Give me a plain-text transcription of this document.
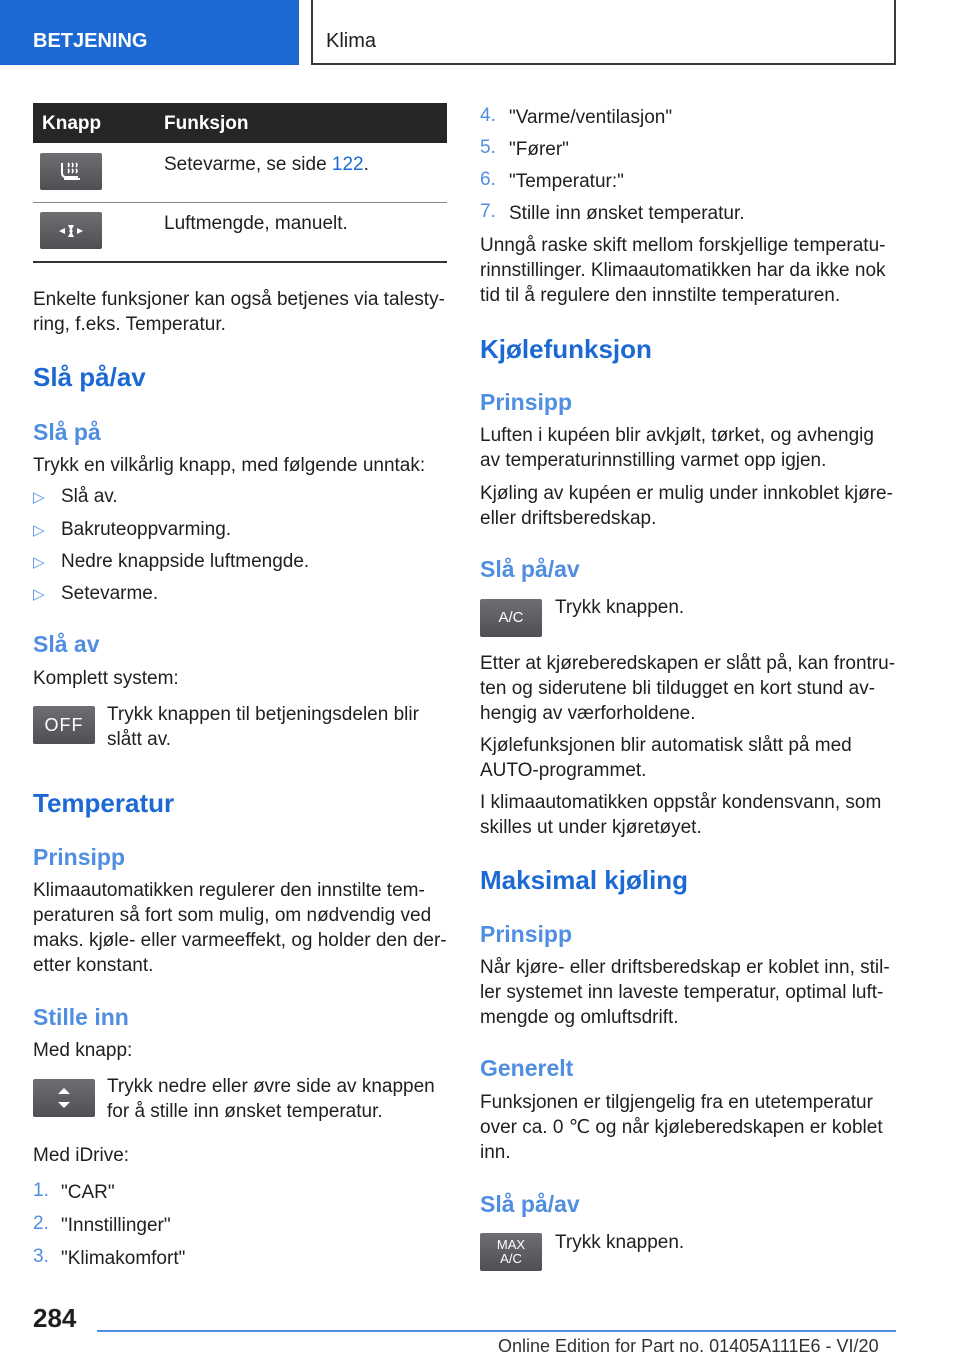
BETJENING	Klima
Knapp	Funksjon
Setevarme, se side 122.
Luftmengde, manuelt.
Enkelte funksjoner kan også betjenes via talesty-
ring, f.eks. Temperatur.
Slå på/av
Slå på
Trykk en vilkårlig knapp, med følgende unntak:
▷ Slå av.
▷ Bakruteoppvarming.
▷ Nedre knappside luftmengde.
▷ Setevarme.
Slå av
Komplett system:
OFF Trykk knappen til betjeningsdelen blir
slått av.
Temperatur
Prinsipp
Klimaautomatikken regulerer den innstilte tem-
peraturen så fort som mulig, om nødvendig ved
maks. kjøle- eller varmeeffekt, og holder den der-
etter konstant.
Stille inn
Med knapp:
Trykk nedre eller øvre side av knappen
for å stille inn ønsket temperatur.
Med iDrive:
1. "CAR"
2. "Innstillinger"
3. "Klimakomfort"
4. "Varme/ventilasjon"
5. "Fører"
6. "Temperatur:"
7. Stille inn ønsket temperatur.
Unngå raske skift mellom forskjellige temperatu-
rinnstillinger. Klimaautomatikken har da ikke nok
tid til å regulere den innstilte temperaturen.
Kjølefunksjon
Prinsipp
Luften i kupéen blir avkjølt, tørket, og avhengig
av temperaturinnstilling varmet opp igjen.
Kjøling av kupéen er mulig under innkoblet kjøre-
eller driftsberedskap.
Slå på/av
A/C Trykk knappen.
Etter at kjøreberedskapen er slått på, kan frontru-
ten og siderutene bli tildugget en kort stund av-
hengig av værforholdene.
Kjølefunksjonen blir automatisk slått på med
AUTO-programmet.
I klimaautomatikken oppstår kondensvann, som
skilles ut under kjøretøyet.
Maksimal kjøling
Prinsipp
Når kjøre- eller driftsberedskap er koblet inn, stil-
ler systemet inn laveste temperatur, optimal luft-
mengde og omluftsdrift.
Generelt
Funksjonen er tilgjengelig fra en utetemperatur
over ca. 0 ℃ og når kjøleberedskapen er koblet
inn.
Slå på/av
MAX
A/C
Trykk knappen.
284
Online Edition for Part no. 01405A111E6 - VI/20
